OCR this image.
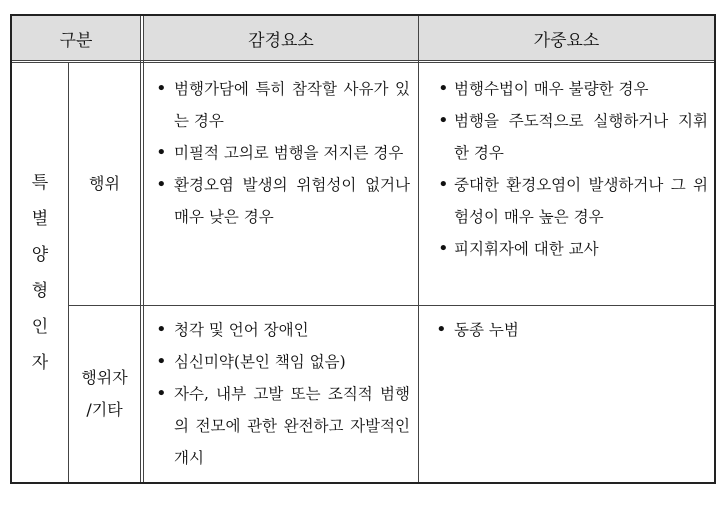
구분	감경요소	가중요소
특
별
양
형
인
자
행위
• 범행가담에 특히 참작할 사유가 있는 경우
• 미필적 고의로 범행을 저지른 경우
• 환경오염 발생의 위험성이 없거나 매우 낮은 경우
• 범행수법이 매우 불량한 경우
• 범행을 주도적으로 실행하거나 지휘한 경우
• 중대한 환경오염이 발생하거나 그 위험성이 매우 높은 경우
• 피지휘자에 대한 교사
행위자
/기타
• 청각 및 언어 장애인
• 심신미약(본인 책임 없음)
• 자수, 내부 고발 또는 조직적 범행의 전모에 관한 완전하고 자발적인 개시
• 동종 누범
